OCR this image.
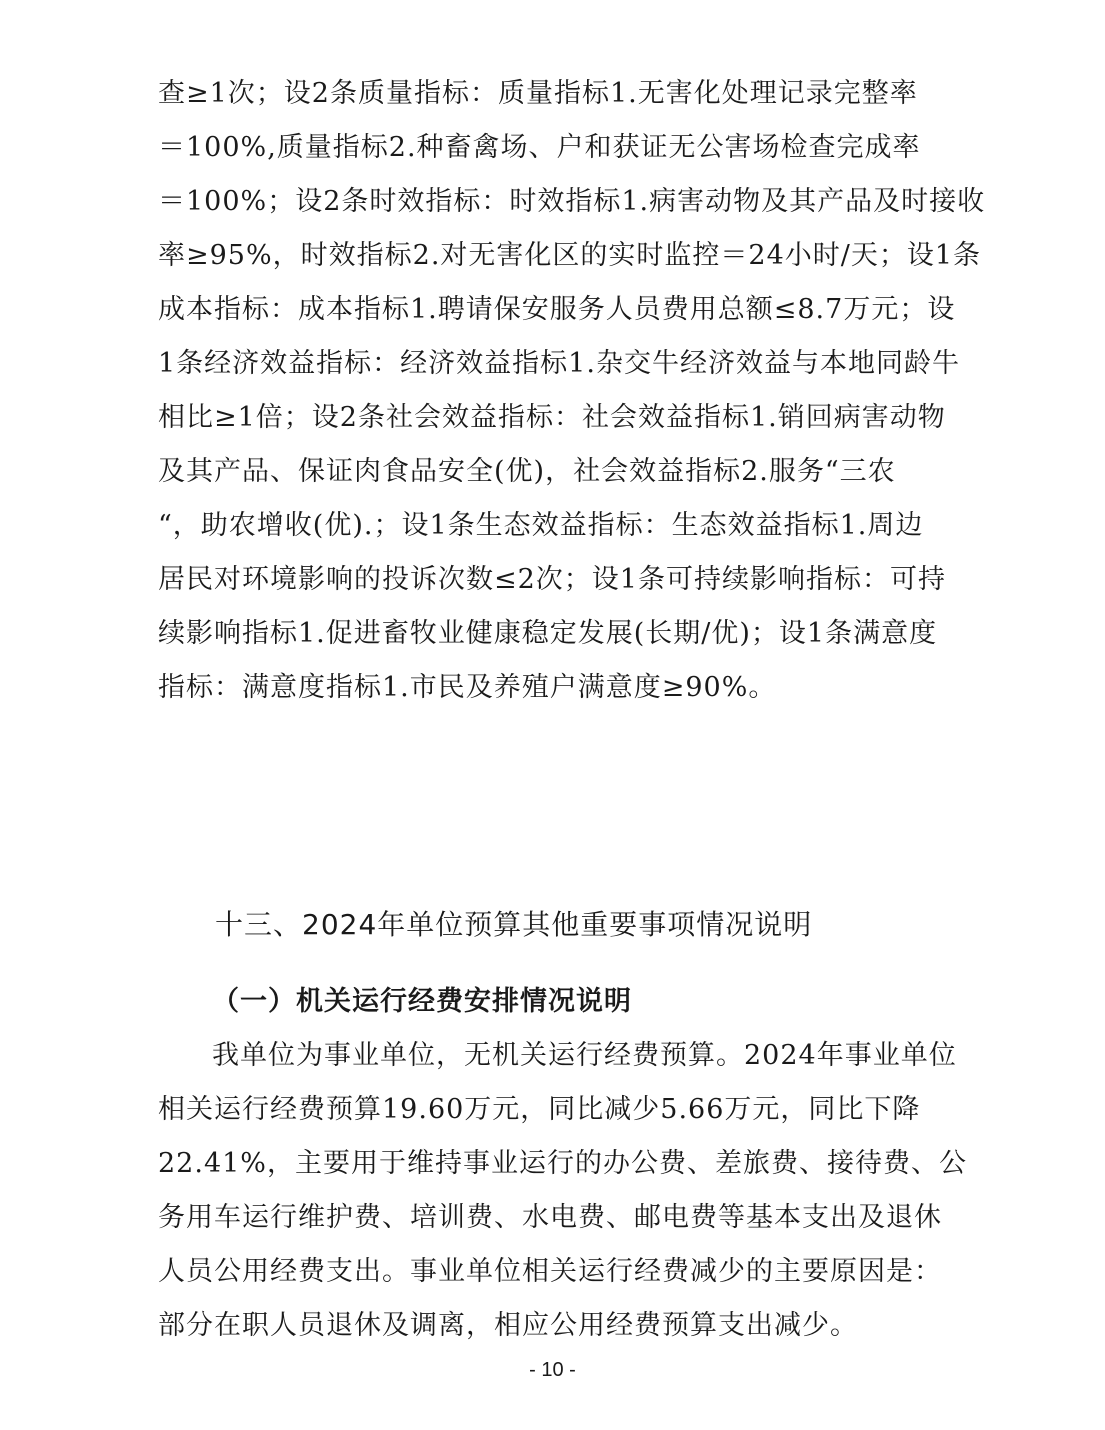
查≥1次；设2条质量指标：质量指标1.无害化处理记录完整率
＝100%,质量指标2.种畜禽场、户和获证无公害场检查完成率
＝100%；设2条时效指标：时效指标1.病害动物及其产品及时接收
率≥95%，时效指标2.对无害化区的实时监控＝24小时/天；设1条
成本指标：成本指标1.聘请保安服务人员费用总额≤8.7万元；设
1条经济效益指标：经济效益指标1.杂交牛经济效益与本地同龄牛
相比≥1倍；设2条社会效益指标：社会效益指标1.销回病害动物
及其产品、保证肉食品安全(优)，社会效益指标2.服务“三农
“，助农增收(优).；设1条生态效益指标：生态效益指标1.周边
居民对环境影响的投诉次数≤2次；设1条可持续影响指标：可持
续影响指标1.促进畜牧业健康稳定发展(长期/优)；设1条满意度
指标：满意度指标1.市民及养殖户满意度≥90%。
十三、2024年单位预算其他重要事项情况说明
（一）机关运行经费安排情况说明
我单位为事业单位，无机关运行经费预算。2024年事业单位
相关运行经费预算19.60万元，同比减少5.66万元，同比下降
22.41%，主要用于维持事业运行的办公费、差旅费、接待费、公
务用车运行维护费、培训费、水电费、邮电费等基本支出及退休
人员公用经费支出。事业单位相关运行经费减少的主要原因是：
部分在职人员退休及调离，相应公用经费预算支出减少。
- 10 -
